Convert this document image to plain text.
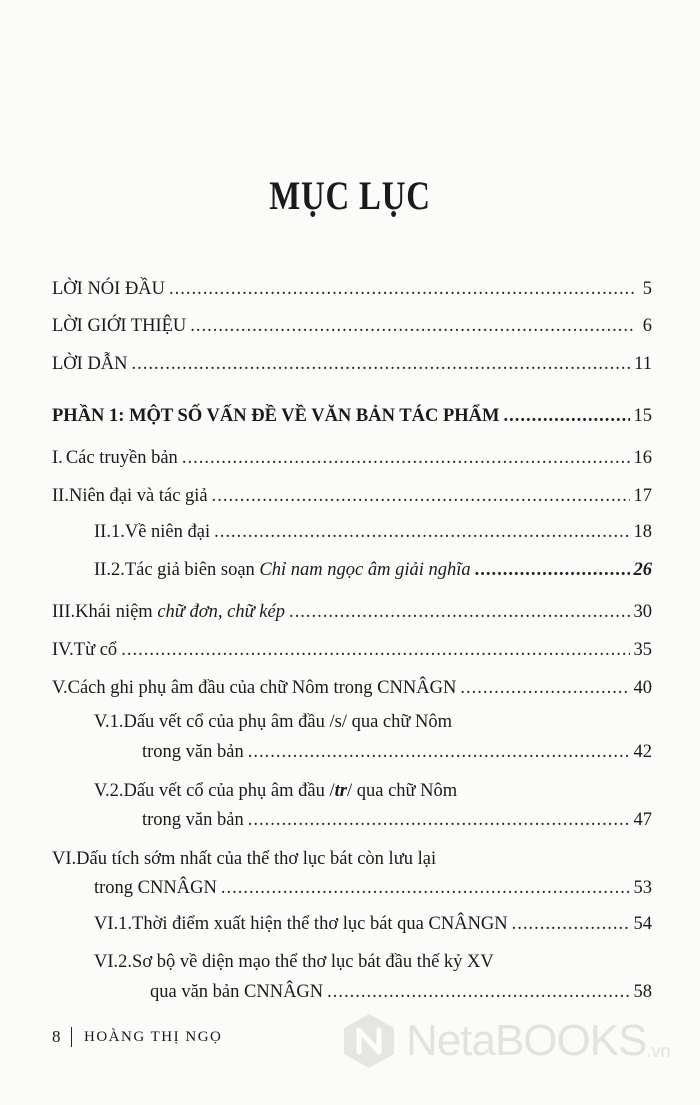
MỤC LỤC
LỜI NÓI ĐẦU .....	5
LỜI GIỚI THIỆU .....	6
LỜI DẪN .....	11
PHẦN 1: MỘT SỐ VẤN ĐỀ VỀ VĂN BẢN TÁC PHẨM .....	15
I. Các truyền bản .....	16
II. Niên đại và tác giả .....	17
II.1. Về niên đại .....	18
II.2. Tác giả biên soạn Chỉ nam ngọc âm giải nghĩa .....	26
III. Khái niệm chữ đơn, chữ kép .....	30
IV. Từ cổ .....	35
V. Cách ghi phụ âm đầu của chữ Nôm trong CNNÂGN .....	40
V.1.Dấu vết cổ của phụ âm đầu /s/ qua chữ Nôm
trong văn bản .....	42
V.2.Dấu vết cổ của phụ âm đầu /tr/ qua chữ Nôm
trong văn bản .....	47
VI.Dấu tích sớm nhất của thể thơ lục bát còn lưu lại
trong CNNÂGN .....	53
VI.1. Thời điểm xuất hiện thể thơ lục bát qua CNÂNGN .....	54
VI.2.Sơ bộ về diện mạo thể thơ lục bát đầu thế kỷ XV
qua văn bản CNNÂGN .....	58
8 HOÀNG THỊ NGỌ	NetaBOOKS .vn
